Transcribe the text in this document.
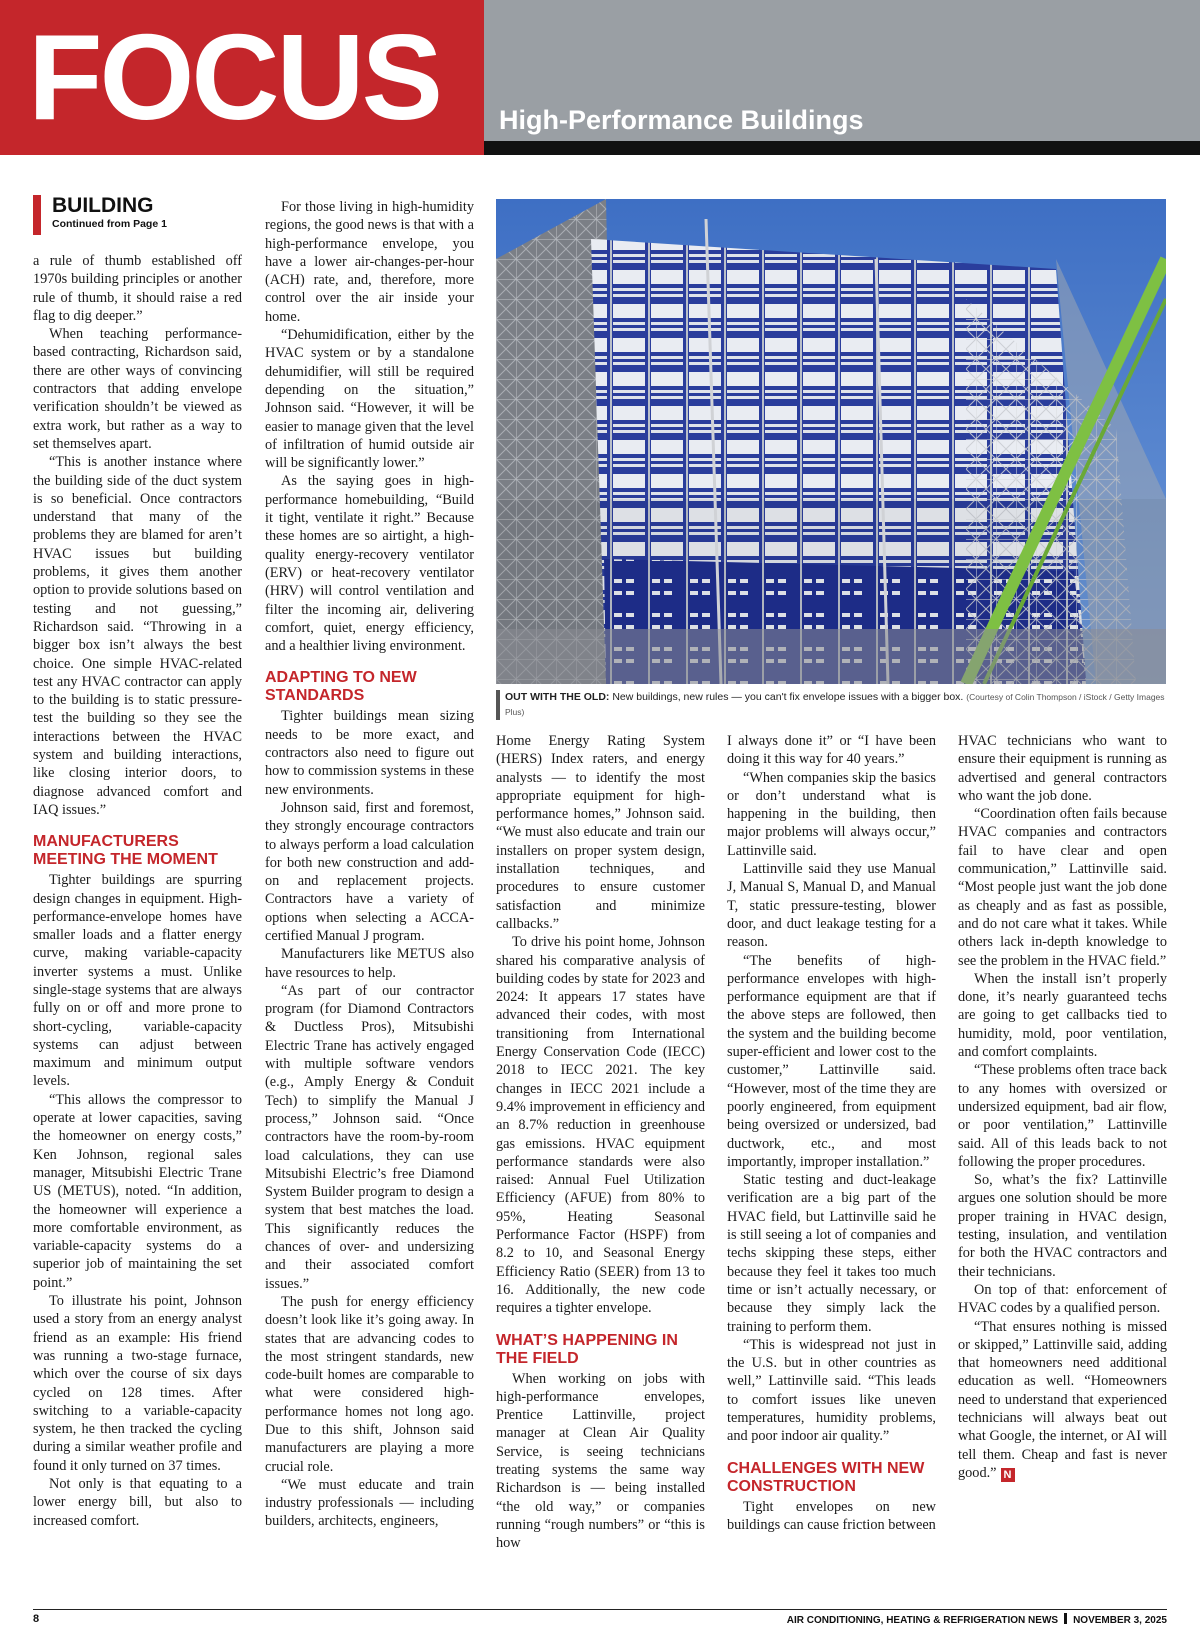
FOCUS High-Performance Buildings
BUILDING
Continued from Page 1

a rule of thumb established off 1970s building principles or another rule of thumb, it should raise a red flag to dig deeper.”

When teaching performance-based contracting, Richardson said, there are other ways of convincing contractors that adding envelope verification shouldn’t be viewed as extra work, but rather as a way to set themselves apart.

“This is another instance where the building side of the duct system is so beneficial. Once contractors understand that many of the problems they are blamed for aren’t HVAC issues but building problems, it gives them another option to provide solutions based on testing and not guessing,” Richardson said. “Throwing in a bigger box isn’t always the best choice. One simple HVAC-related test any HVAC contractor can apply to the building is to static pressure-test the building so they see the interactions between the HVAC system and building interactions, like closing interior doors, to diagnose advanced comfort and IAQ issues.”

MANUFACTURERS MEETING THE MOMENT

Tighter buildings are spurring design changes in equipment. High-performance-envelope homes have smaller loads and a flatter energy curve, making variable-capacity inverter systems a must. Unlike single-stage systems that are always fully on or off and more prone to short-cycling, variable-capacity systems can adjust between maximum and minimum output levels.

“This allows the compressor to operate at lower capacities, saving the homeowner on energy costs,” Ken Johnson, regional sales manager, Mitsubishi Electric Trane US (METUS), noted. “In addition, the homeowner will experience a more comfortable environment, as variable-capacity systems do a superior job of maintaining the set point.”

To illustrate his point, Johnson used a story from an energy analyst friend as an example: His friend was running a two-stage furnace, which over the course of six days cycled on 128 times. After switching to a variable-capacity system, he then tracked the cycling during a similar weather profile and found it only turned on 37 times.

Not only is that equating to a lower energy bill, but also to increased comfort.

For those living in high-humidity regions, the good news is that with a high-performance envelope, you have a lower air-changes-per-hour (ACH) rate, and, therefore, more control over the air inside your home.

“Dehumidification, either by the HVAC system or by a standalone dehumidifier, will still be required depending on the situation,” Johnson said. “However, it will be easier to manage given that the level of infiltration of humid outside air will be significantly lower.”

As the saying goes in high-performance homebuilding, “Build it tight, ventilate it right.” Because these homes are so airtight, a high-quality energy-recovery ventilator (ERV) or heat-recovery ventilator (HRV) will control ventilation and filter the incoming air, delivering comfort, quiet, energy efficiency, and a healthier living environment.

ADAPTING TO NEW STANDARDS

Tighter buildings mean sizing needs to be more exact, and contractors also need to figure out how to commission systems in these new environments.

Johnson said, first and foremost, they strongly encourage contractors to always perform a load calculation for both new construction and add-on and replacement projects. Contractors have a variety of options when selecting a ACCA-certified Manual J program.

Manufacturers like METUS also have resources to help.

“As part of our contractor program (for Diamond Contractors & Ductless Pros), Mitsubishi Electric Trane has actively engaged with multiple software vendors (e.g., Amply Energy & Conduit Tech) to simplify the Manual J process,” Johnson said. “Once contractors have the room-by-room load calculations, they can use Mitsubishi Electric’s free Diamond System Builder program to design a system that best matches the load. This significantly reduces the chances of over- and undersizing and their associated comfort issues.”

The push for energy efficiency doesn’t look like it’s going away. In states that are advancing codes to the most stringent standards, new code-built homes are comparable to what were considered high-performance homes not long ago. Due to this shift, Johnson said manufacturers are playing a more crucial role.

“We must educate and train industry professionals — including builders, architects, engineers,

Home Energy Rating System (HERS) Index raters, and energy analysts — to identify the most appropriate equipment for high-performance homes,” Johnson said. “We must also educate and train our installers on proper system design, installation techniques, and procedures to ensure customer satisfaction and minimize callbacks.”

To drive his point home, Johnson shared his comparative analysis of building codes by state for 2023 and 2024: It appears 17 states have advanced their codes, with most transitioning from International Energy Conservation Code (IECC) 2018 to IECC 2021. The key changes in IECC 2021 include a 9.4% improvement in efficiency and an 8.7% reduction in greenhouse gas emissions. HVAC equipment performance standards were also raised: Annual Fuel Utilization Efficiency (AFUE) from 80% to 95%, Heating Seasonal Performance Factor (HSPF) from 8.2 to 10, and Seasonal Energy Efficiency Ratio (SEER) from 13 to 16. Additionally, the new code requires a tighter envelope.

WHAT’S HAPPENING IN THE FIELD

When working on jobs with high-performance envelopes, Prentice Lattinville, project manager at Clean Air Quality Service, is seeing technicians treating systems the same way Richardson is — being installed “the old way,” or companies running “rough numbers” or “this is how

I always done it” or “I have been doing it this way for 40 years.”

“When companies skip the basics or don’t understand what is happening in the building, then major problems will always occur,” Lattinville said.

Lattinville said they use Manual J, Manual S, Manual D, and Manual T, static pressure-testing, blower door, and duct leakage testing for a reason.

“The benefits of high-performance envelopes with high-performance equipment are that if the above steps are followed, then the system and the building become super-efficient and lower cost to the customer,” Lattinville said. “However, most of the time they are poorly engineered, from equipment being oversized or undersized, bad ductwork, etc., and most importantly, improper installation.”

Static testing and duct-leakage verification are a big part of the HVAC field, but Lattinville said he is still seeing a lot of companies and techs skipping these steps, either because they feel it takes too much time or isn’t actually necessary, or because they simply lack the training to perform them.

“This is widespread not just in the U.S. but in other countries as well,” Lattinville said. “This leads to comfort issues like uneven temperatures, humidity problems, and poor indoor air quality.”

CHALLENGES WITH NEW CONSTRUCTION

Tight envelopes on new buildings can cause friction between

HVAC technicians who want to ensure their equipment is running as advertised and general contractors who want the job done.

“Coordination often fails because HVAC companies and contractors fail to have clear and open communication,” Lattinville said. “Most people just want the job done as cheaply and as fast as possible, and do not care what it takes. While others lack in-depth knowledge to see the problem in the HVAC field.”

When the install isn’t properly done, it’s nearly guaranteed techs are going to get callbacks tied to humidity, mold, poor ventilation, and comfort complaints.

“These problems often trace back to any homes with oversized or undersized equipment, bad air flow, or poor ventilation,” Lattinville said. All of this leads back to not following the proper procedures.

So, what’s the fix? Lattinville argues one solution should be more proper training in HVAC design, testing, insulation, and ventilation for both the HVAC contractors and their technicians.

On top of that: enforcement of HVAC codes by a qualified person.

“That ensures nothing is missed or skipped,” Lattinville said, adding that homeowners need additional education as well. “Homeowners need to understand that experienced technicians will always beat out what Google, the internet, or AI will tell them. Cheap and fast is never good.” N

OUT WITH THE OLD: New buildings, new rules — you can't fix envelope issues with a bigger box. (Courtesy of Colin Thompson / iStock / Getty Images Plus)
8	AIR CONDITIONING, HEATING & REFRIGERATION NEWS NOVEMBER 3, 2025
